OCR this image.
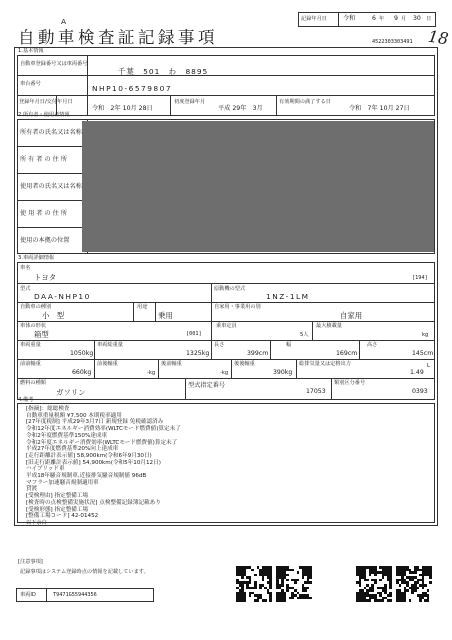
A
自動車検査証記録事項
記録年月日	令和	6 年 9 月 30 日
4522303303491 18
1.基本情報
自動車登録番号又は車両番号
千葉　501　わ　8895
車台番号	NHP10-6579807
登録年月日/交付年月日
令和　2年 10月 28日
初度登録年月
平成 29年　3月
有効期間の満了する日
令和　7年 10月 27日
2.所有者・使用者情報
所有者の氏名又は名称
所 有 者 の 住 所
使用者の氏名又は名称
使 用 者 の 住 所
使用の本拠の位置
3.車両詳細情報
車名
トヨタ	[194]
型式
DAA-NHP10
原動機の型式
1NZ-1LM
自動車の種別
小　型
用途
乗用
自家用・事業用の別
自家用
車体の形状
箱型	[001]
乗車定員
5人
最大積載量
kg
車両重量
1050kg
車両総重量
1325kg
長さ
399cm
幅
169cm
高さ
145cm
前前軸重
660kg
前後軸重
-kg
後前軸重
-kg
後後軸重
390kg
総排気量又は定格出力
1.49
L
燃料の種類
ガソリン
型式指定番号
17053
類別区分番号
0393
4.備考
[指摘]：総総検査
自動車重量税額 ¥7,500 本則税率適用
[27年度税制] 平成29年3月7日 新規登録 免税確認済み
令和12年度エネルギー消費効率(WLTCモード燃費値)算定未了
令和2年度燃費基準150%達成車
令和2年度エネルギー消費効率(WLTCモード燃費値)算定未了
平成27年度燃費基準20%向上達成車
[走行距離計表示値] 58,900km(令和6年9月30日)
[旧走行距離計表示値] 54,900km(令和5年10月12日)
ハイブリッド車
平成18年騒音規制車,近接排気騒音規制値 96dB
マフラー加速騒音規制適用車
貸渡
[受検理由] 指定整備工場
[検査時の点検整備実施状況] 点検整備記録簿記載あり
[受検形態] 指定整備工場
[整備工場コード] 42-01452
以下余白
[注意事項]
記録事項はシステム登録時点の情報を記載しています。
車両ID	T9471G55944356
